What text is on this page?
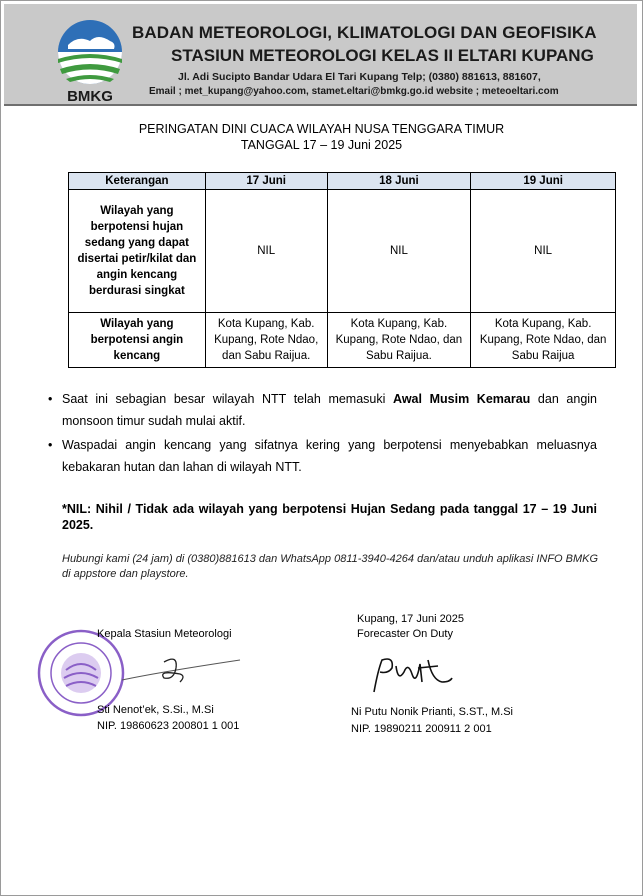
BMKG
BADAN METEOROLOGI, KLIMATOLOGI DAN GEOFISIKA
STASIUN METEOROLOGI KELAS II ELTARI KUPANG
Jl. Adi Sucipto Bandar Udara El Tari Kupang Telp; (0380) 881613, 881607,
Email ; met_kupang@yahoo.com, stamet.eltari@bmkg.go.id website ; meteoeltari.com
PERINGATAN DINI CUACA WILAYAH NUSA TENGGARA TIMUR
TANGGAL 17 – 19 Juni 2025
Keterangan	17 Juni	18 Juni	19 Juni
Wilayah yang berpotensi hujan sedang yang dapat disertai petir/kilat dan angin kencang berdurasi singkat	NIL	NIL	NIL
Wilayah yang berpotensi angin kencang	Kota Kupang, Kab. Kupang, Rote Ndao, dan Sabu Raijua.	Kota Kupang, Kab. Kupang, Rote Ndao, dan Sabu Raijua.	Kota Kupang, Kab. Kupang, Rote Ndao, dan Sabu Raijua
• Saat ini sebagian besar wilayah NTT telah memasuki Awal Musim Kemarau dan angin monsoon timur sudah mulai aktif.
• Waspadai angin kencang yang sifatnya kering yang berpotensi menyebabkan meluasnya kebakaran hutan dan lahan di wilayah NTT.
*NIL: Nihil / Tidak ada wilayah yang berpotensi Hujan Sedang pada tanggal 17 – 19 Juni 2025.
Hubungi kami (24 jam) di (0380)881613 dan WhatsApp 0811-3940-4264 dan/atau unduh aplikasi INFO BMKG di appstore dan playstore.
Kepala Stasiun Meteorologi
Sti Nenot’ek, S.Si., M.Si
NIP. 19860623 200801 1 001
Kupang, 17 Juni 2025
Forecaster On Duty
Ni Putu Nonik Prianti, S.ST., M.Si
NIP. 19890211 200911 2 001
